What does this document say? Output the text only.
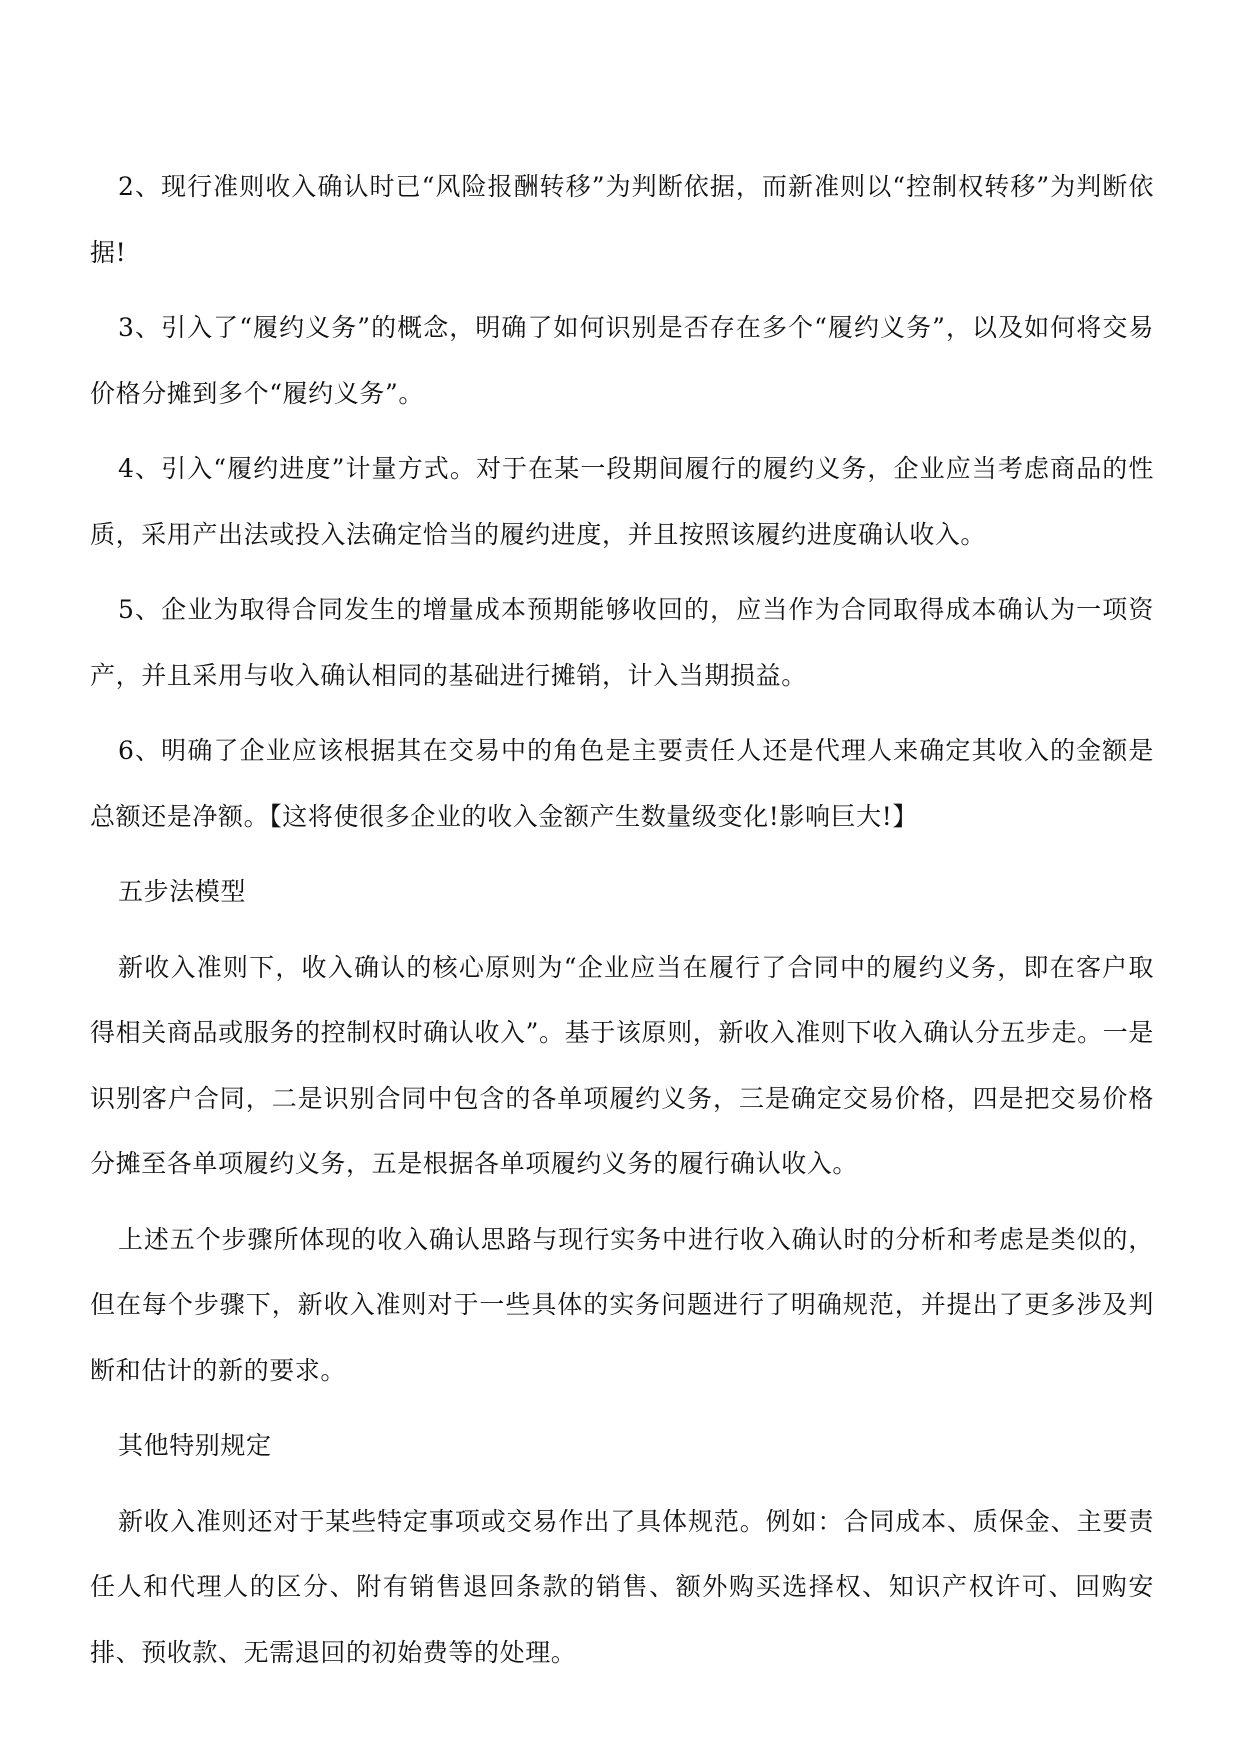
2、现行准则收入确认时已“风险报酬转移”为判断依据，而新准则以“控制权转移”为判断依据!

3、引入了“履约义务”的概念，明确了如何识别是否存在多个“履约义务”，以及如何将交易价格分摊到多个“履约义务”。

4、引入“履约进度”计量方式。对于在某一段期间履行的履约义务，企业应当考虑商品的性质，采用产出法或投入法确定恰当的履约进度，并且按照该履约进度确认收入。

5、企业为取得合同发生的增量成本预期能够收回的，应当作为合同取得成本确认为一项资产，并且采用与收入确认相同的基础进行摊销，计入当期损益。

6、明确了企业应该根据其在交易中的角色是主要责任人还是代理人来确定其收入的金额是总额还是净额。【这将使很多企业的收入金额产生数量级变化!影响巨大!】

五步法模型

新收入准则下，收入确认的核心原则为“企业应当在履行了合同中的履约义务，即在客户取得相关商品或服务的控制权时确认收入”。基于该原则，新收入准则下收入确认分五步走。一是识别客户合同，二是识别合同中包含的各单项履约义务，三是确定交易价格，四是把交易价格分摊至各单项履约义务，五是根据各单项履约义务的履行确认收入。

上述五个步骤所体现的收入确认思路与现行实务中进行收入确认时的分析和考虑是类似的，但在每个步骤下，新收入准则对于一些具体的实务问题进行了明确规范，并提出了更多涉及判断和估计的新的要求。

其他特别规定

新收入准则还对于某些特定事项或交易作出了具体规范。例如：合同成本、质保金、主要责任人和代理人的区分、附有销售退回条款的销售、额外购买选择权、知识产权许可、回购安排、预收款、无需退回的初始费等的处理。
